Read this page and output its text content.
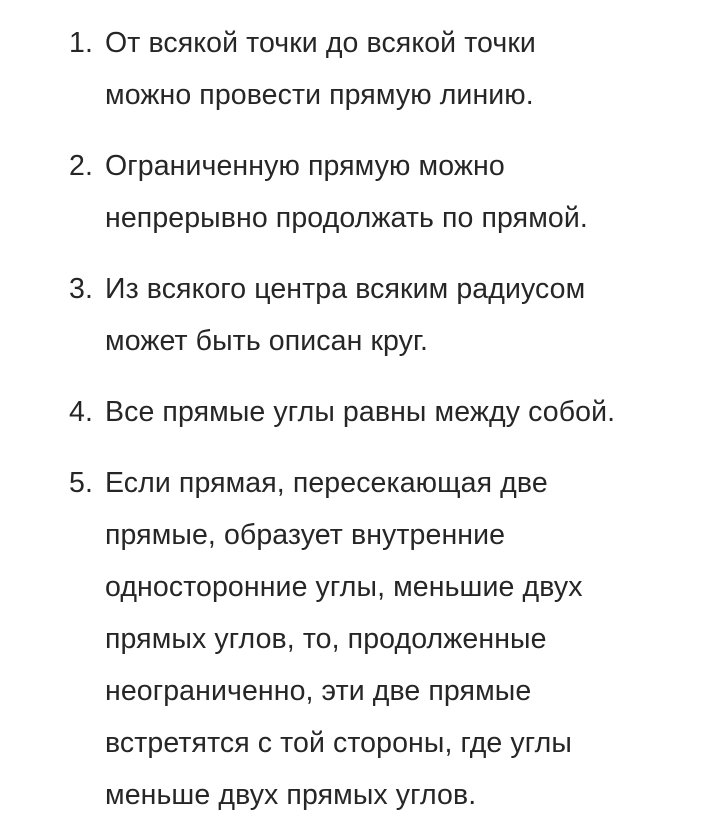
1. От всякой точки до всякой точки
можно провести прямую линию.
2. Ограниченную прямую можно
непрерывно продолжать по прямой.
3. Из всякого центра всяким радиусом
может быть описан круг.
4. Все прямые углы равны между собой.
5. Если прямая, пересекающая две
прямые, образует внутренние
односторонние углы, меньшие двух
прямых углов, то, продолженные
неограниченно, эти две прямые
встретятся с той стороны, где углы
меньше двух прямых углов.
